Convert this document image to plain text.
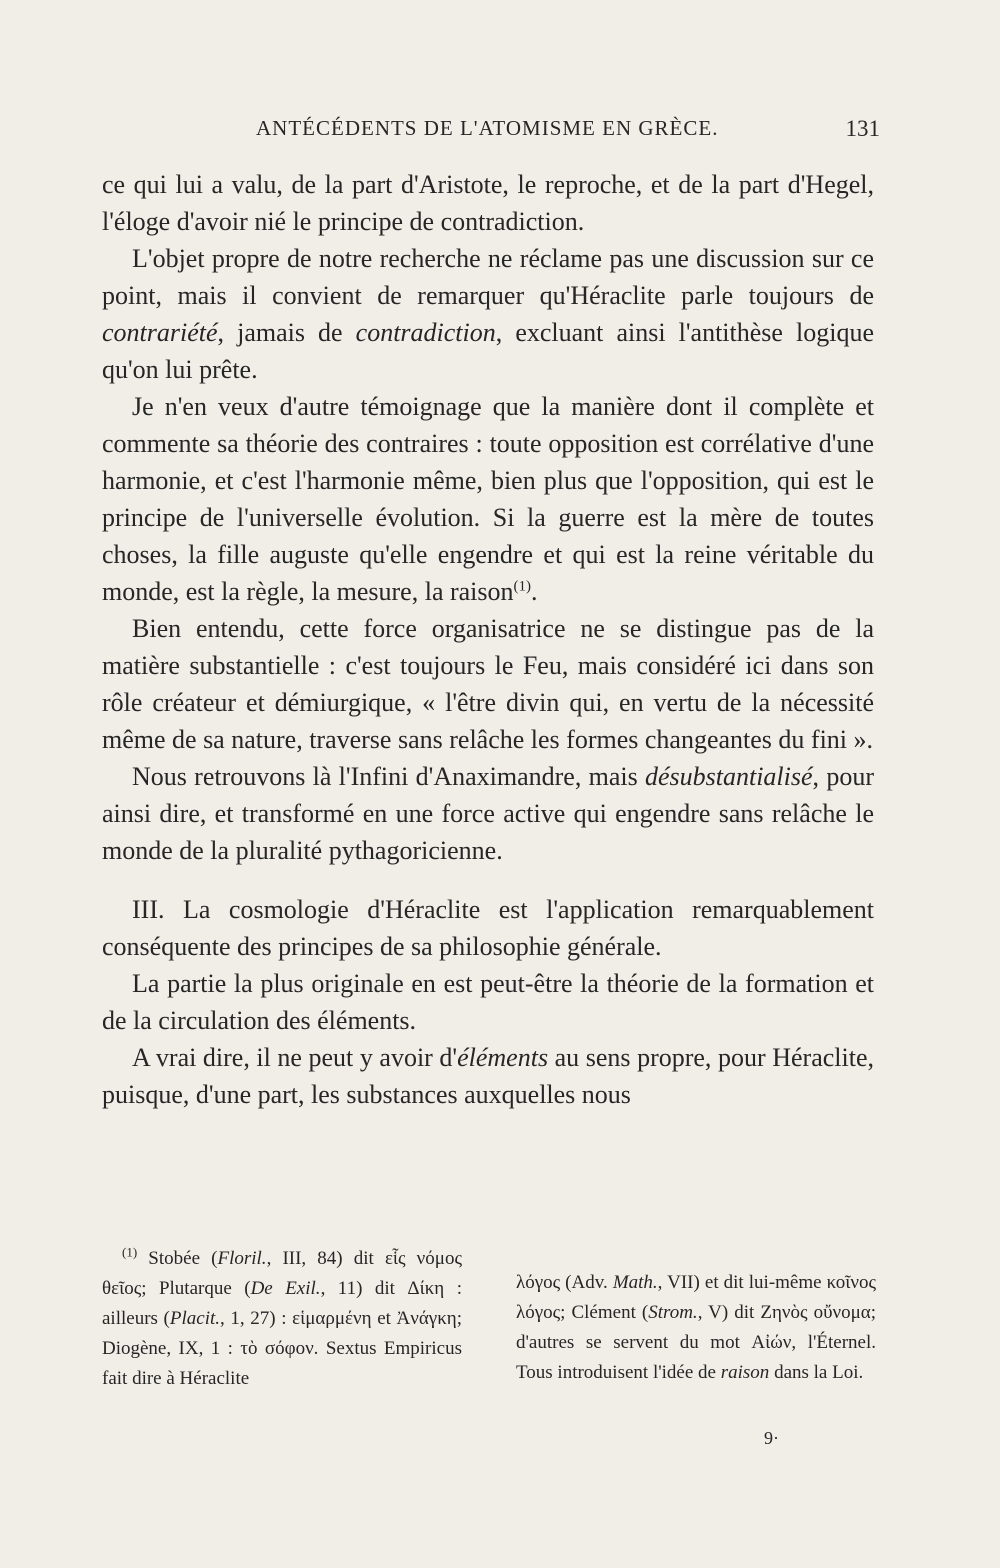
ANTÉCÉDENTS DE L'ATOMISME EN GRÈCE.	131

ce qui lui a valu, de la part d'Aristote, le reproche, et de la part d'Hegel, l'éloge d'avoir nié le principe de contradiction.

L'objet propre de notre recherche ne réclame pas une discussion sur ce point, mais il convient de remarquer qu'Héraclite parle toujours de contrariété, jamais de contradiction, excluant ainsi l'antithèse logique qu'on lui prête.

Je n'en veux d'autre témoignage que la manière dont il complète et commente sa théorie des contraires : toute opposition est corrélative d'une harmonie, et c'est l'harmonie même, bien plus que l'opposition, qui est le principe de l'universelle évolution. Si la guerre est la mère de toutes choses, la fille auguste qu'elle engendre et qui est la reine véritable du monde, est la règle, la mesure, la raison$^{(1)}$.

Bien entendu, cette force organisatrice ne se distingue pas de la matière substantielle : c'est toujours le Feu, mais considéré ici dans son rôle créateur et démiurgique, « l'être divin qui, en vertu de la nécessité même de sa nature, traverse sans relâche les formes changeantes du fini ».

Nous retrouvons là l'Infini d'Anaximandre, mais désubstantialisé, pour ainsi dire, et transformé en une force active qui engendre sans relâche le monde de la pluralité pythagoricienne.

III. La cosmologie d'Héraclite est l'application remarquablement conséquente des principes de sa philosophie générale.

La partie la plus originale en est peut-être la théorie de la formation et de la circulation des éléments.

A vrai dire, il ne peut y avoir d'éléments au sens propre, pour Héraclite, puisque, d'une part, les substances auxquelles nous

$^{(1)}$ Stobée (Floril., III, 84) dit εἷς νόμος θεῖος; Plutarque (De Exil., 11) dit Δίκη : ailleurs (Placit., 1, 27) : εἱμαρμένη et Ἀνάγκη; Diogène, IX, 1 : τὸ σόφον. Sextus Empiricus fait dire à Héraclite

λόγος (Adv. Math., VII) et dit lui-même κοῖνος λόγος; Clément (Strom., V) dit Ζηνὸς οὔνομα; d'autres se servent du mot Αἰών, l'Éternel. Tous introduisent l'idée de raison dans la Loi.

9·
